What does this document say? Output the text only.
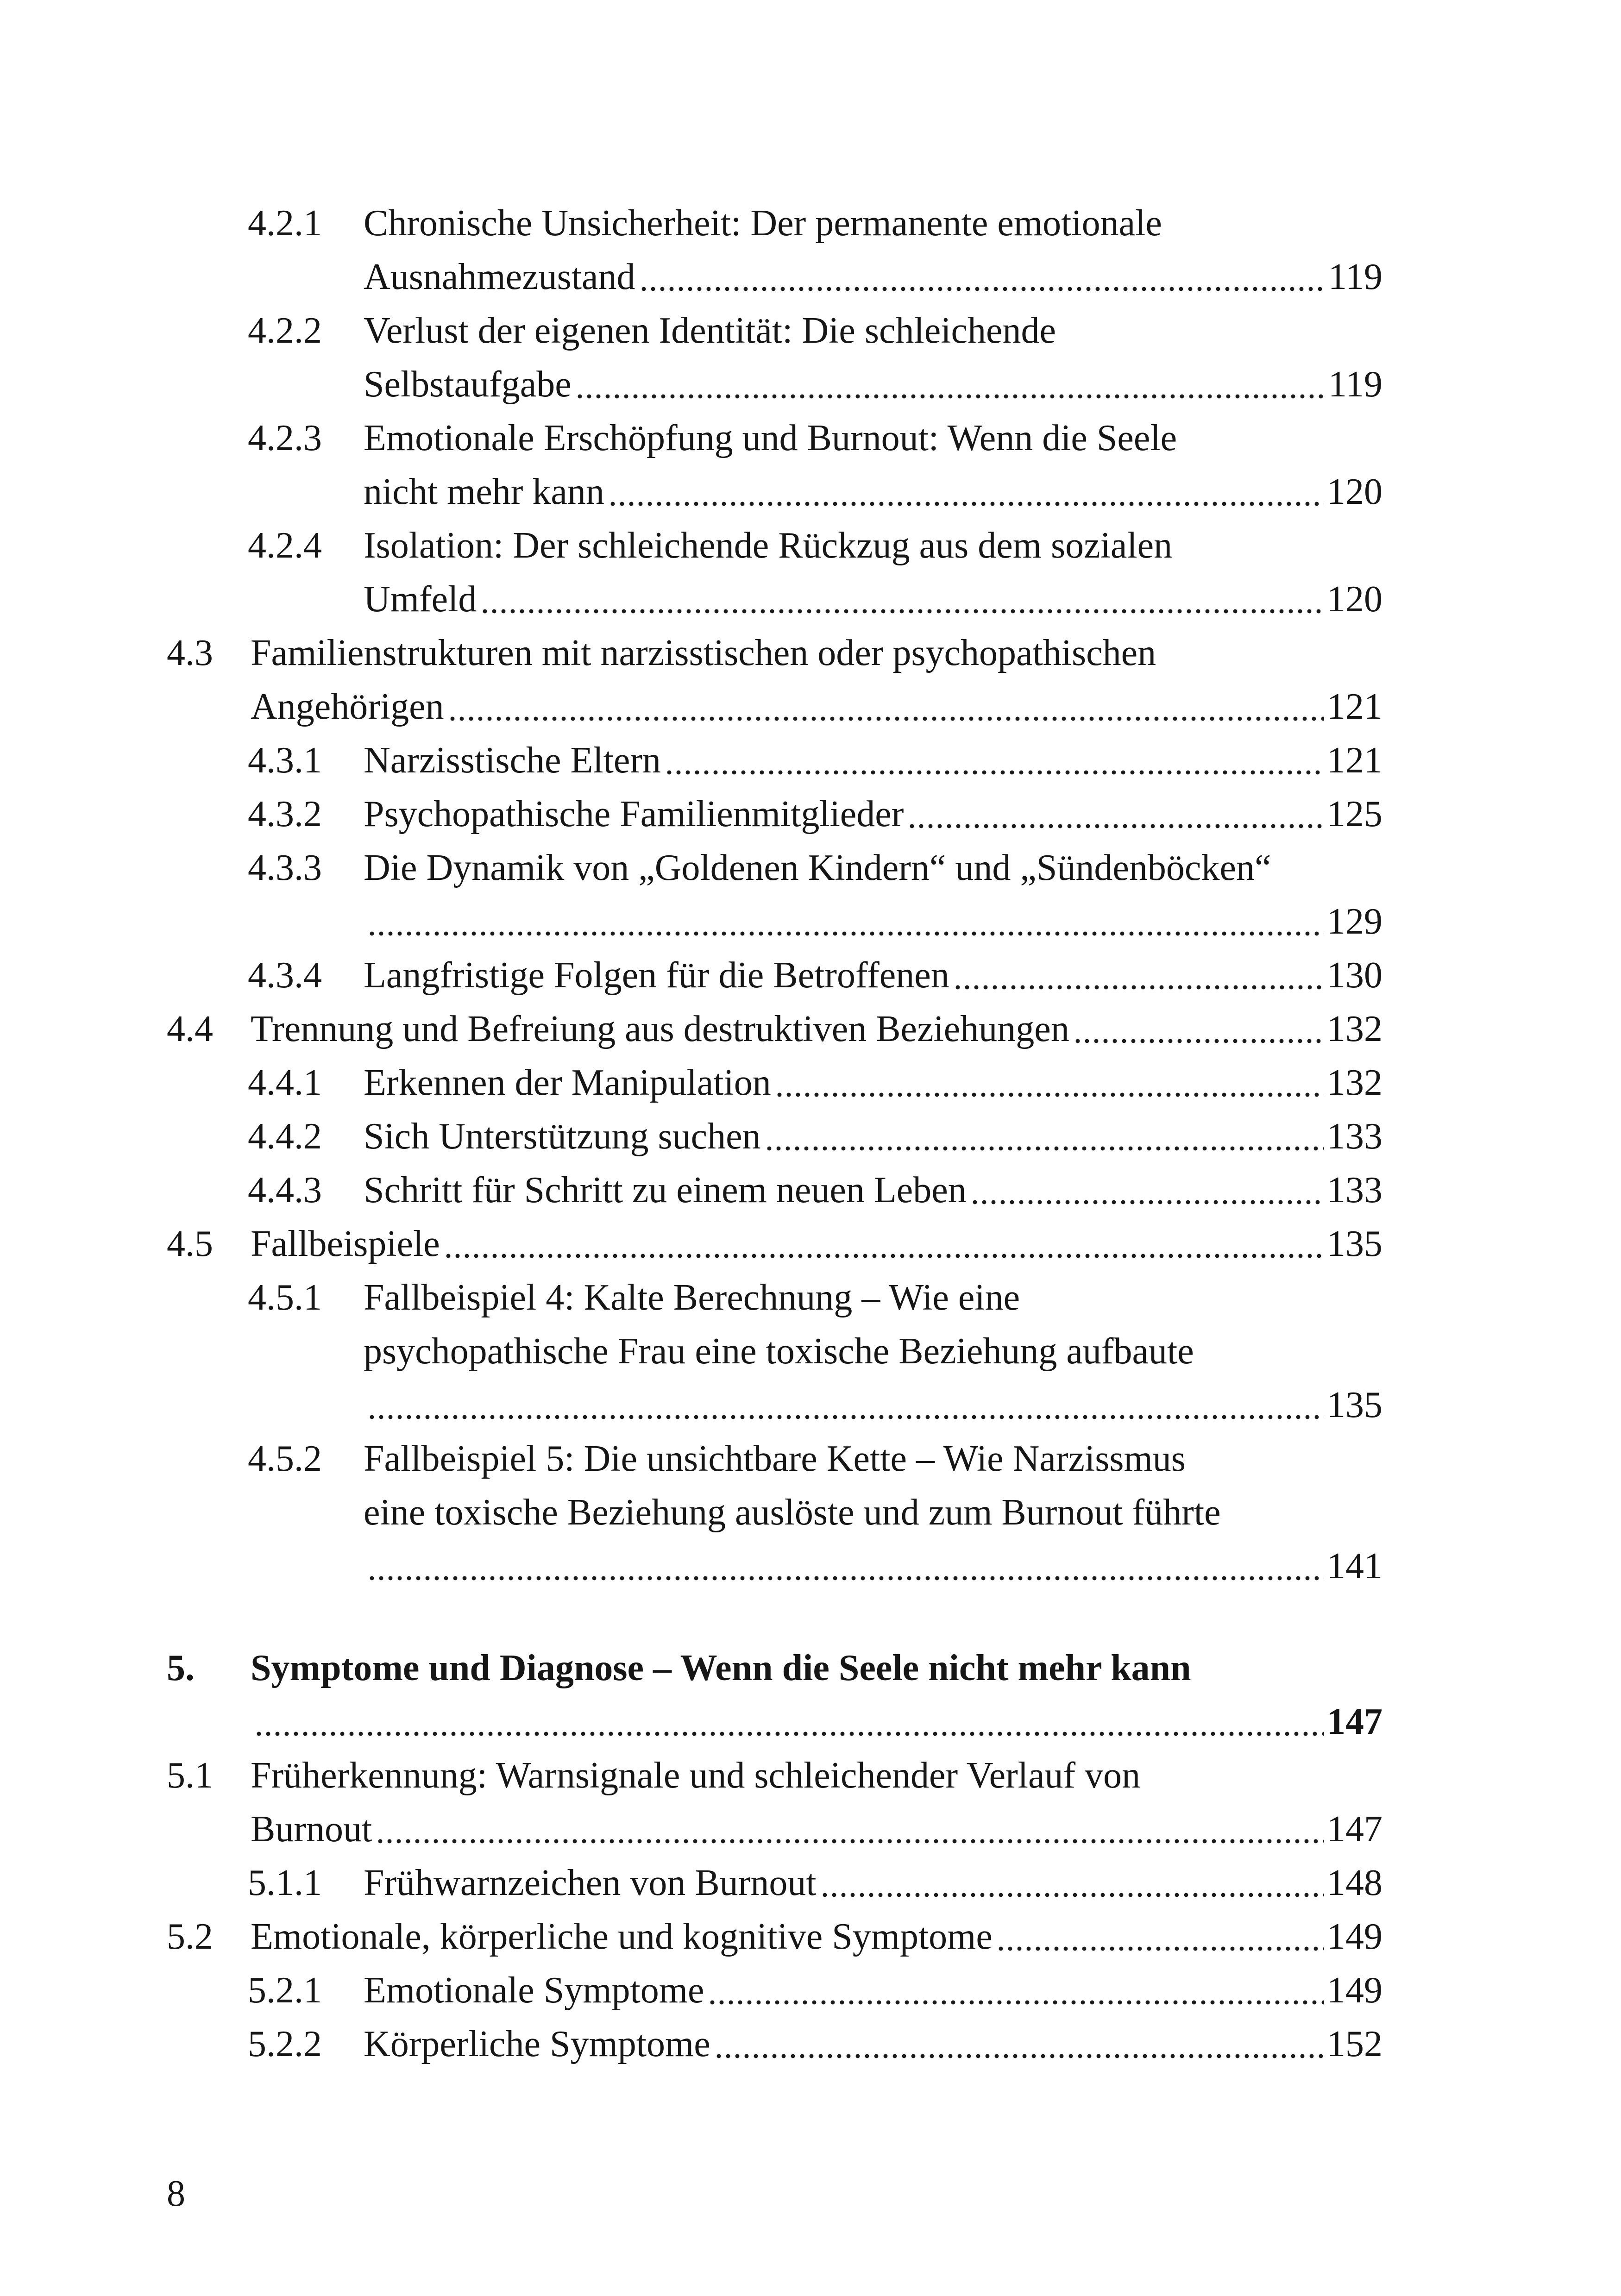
4.2.1	Chronische Unsicherheit: Der permanente emotionale
Ausnahmezustand	119
4.2.2	Verlust der eigenen Identität: Die schleichende
Selbstaufgabe	119
4.2.3	Emotionale Erschöpfung und Burnout: Wenn die Seele
nicht mehr kann	120
4.2.4	Isolation: Der schleichende Rückzug aus dem sozialen
Umfeld	120
4.3	Familienstrukturen mit narzisstischen oder psychopathischen
Angehörigen	121
4.3.1	Narzisstische Eltern	121
4.3.2	Psychopathische Familienmitglieder	125
4.3.3	Die Dynamik von „Goldenen Kindern“ und „Sündenböcken“
129
4.3.4	Langfristige Folgen für die Betroffenen	130
4.4	Trennung und Befreiung aus destruktiven Beziehungen	132
4.4.1	Erkennen der Manipulation	132
4.4.2	Sich Unterstützung suchen	133
4.4.3	Schritt für Schritt zu einem neuen Leben	133
4.5	Fallbeispiele	135
4.5.1	Fallbeispiel 4: Kalte Berechnung – Wie eine
psychopathische Frau eine toxische Beziehung aufbaute
135
4.5.2	Fallbeispiel 5: Die unsichtbare Kette – Wie Narzissmus
eine toxische Beziehung auslöste und zum Burnout führte
141
5.	Symptome und Diagnose – Wenn die Seele nicht mehr kann
147
5.1	Früherkennung: Warnsignale und schleichender Verlauf von
Burnout	147
5.1.1	Frühwarnzeichen von Burnout	148
5.2	Emotionale, körperliche und kognitive Symptome	149
5.2.1	Emotionale Symptome	149
5.2.2	Körperliche Symptome	152
8
